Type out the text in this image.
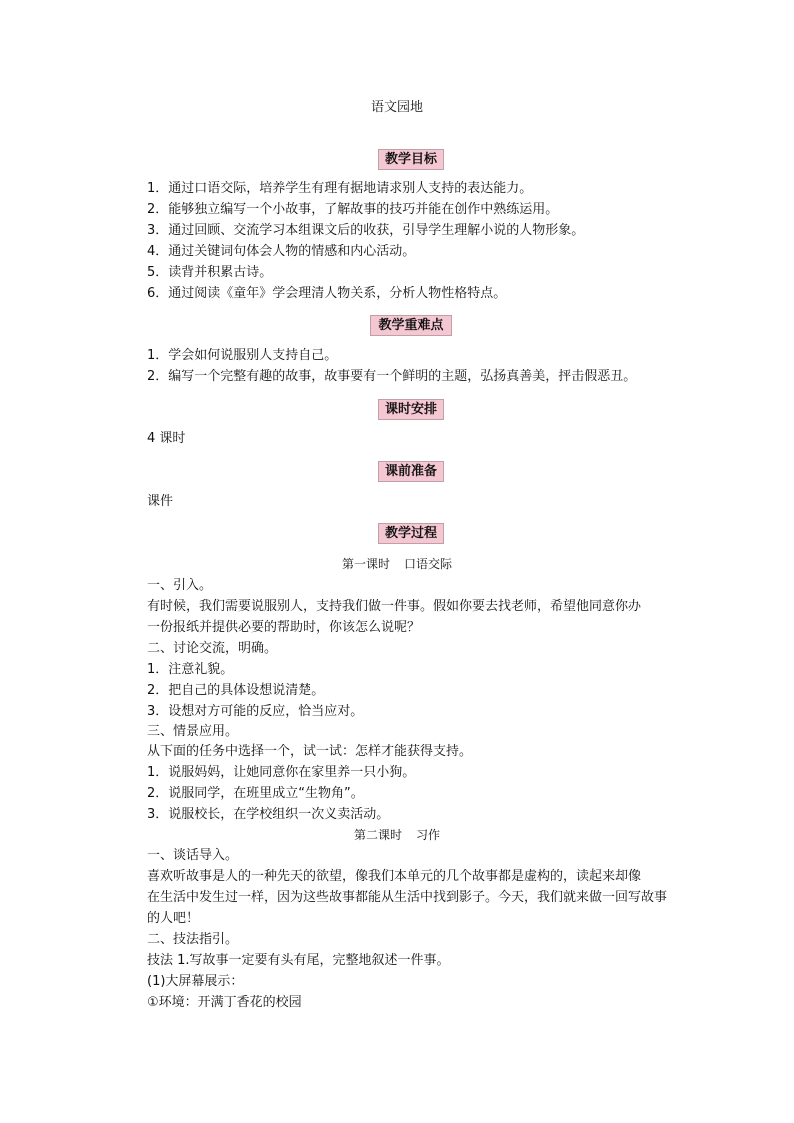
语文园地
教学目标
1．通过口语交际，培养学生有理有据地请求别人支持的表达能力。
2．能够独立编写一个小故事，了解故事的技巧并能在创作中熟练运用。
3．通过回顾、交流学习本组课文后的收获，引导学生理解小说的人物形象。
4．通过关键词句体会人物的情感和内心活动。
5．读背并积累古诗。
6．通过阅读《童年》学会理清人物关系，分析人物性格特点。
教学重难点
1．学会如何说服别人支持自己。
2．编写一个完整有趣的故事，故事要有一个鲜明的主题，弘扬真善美，抨击假恶丑。
课时安排
4 课时
课前准备
课件
教学过程
第一课时 口语交际
一、引入。
有时候，我们需要说服别人，支持我们做一件事。假如你要去找老师，希望他同意你办
一份报纸并提供必要的帮助时，你该怎么说呢？
二、讨论交流，明确。
1．注意礼貌。
2．把自己的具体设想说清楚。
3．设想对方可能的反应，恰当应对。
三、情景应用。
从下面的任务中选择一个，试一试：怎样才能获得支持。
1．说服妈妈，让她同意你在家里养一只小狗。
2．说服同学，在班里成立“生物角”。
3．说服校长，在学校组织一次义卖活动。
第二课时 习作
一、谈话导入。
喜欢听故事是人的一种先天的欲望，像我们本单元的几个故事都是虚构的，读起来却像
在生活中发生过一样，因为这些故事都能从生活中找到影子。今天，我们就来做一回写故事
的人吧！
二、技法指引。
技法 1.写故事一定要有头有尾，完整地叙述一件事。
(1)大屏幕展示：
①环境：开满丁香花的校园
